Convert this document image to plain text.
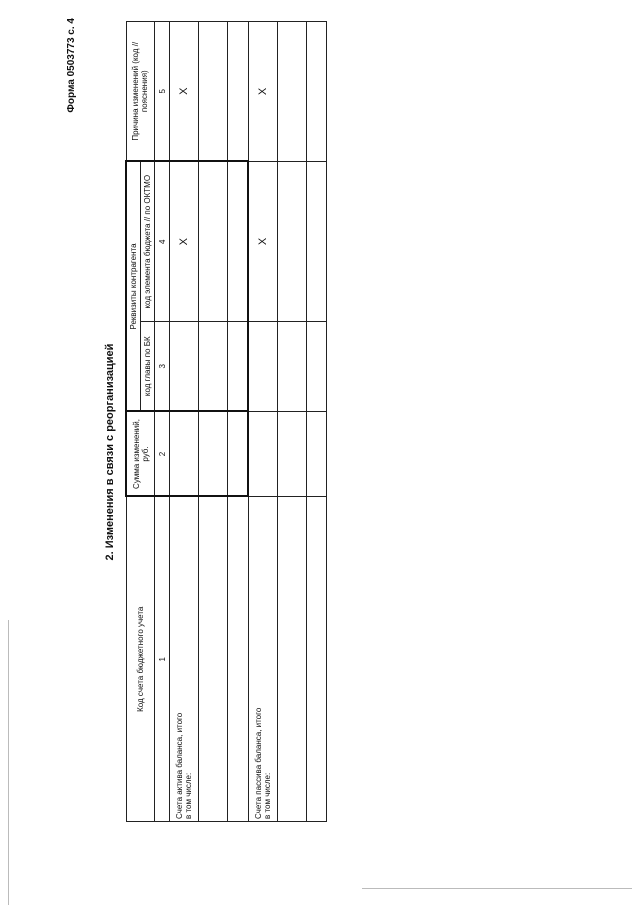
Форма 0503773 с. 4
2. Изменения в связи с реорганизацией
Код счета бюджетного учета	Сумма изменений, руб.	Реквизиты контрагента		Причина изменений (код // пояснения)
		код главы по БК	код элемента бюджета // по ОКТМО	
1	2	3	4	5

Счета актива баланса, итого в том числе:			X	X

Счета пассива баланса, итого в том числе:			X	X
